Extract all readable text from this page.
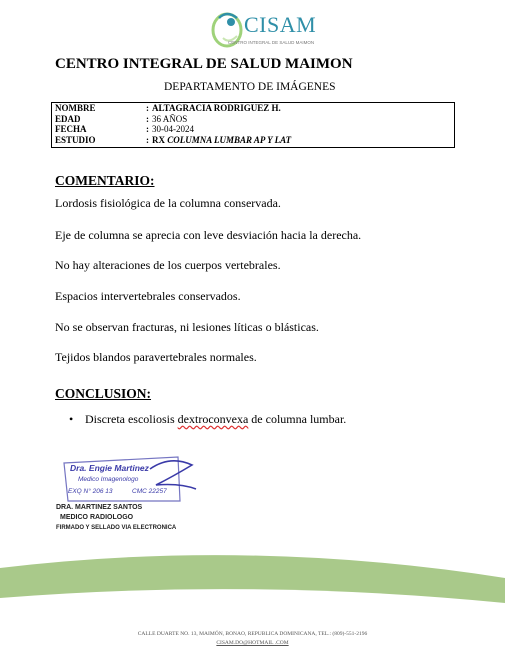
CISAM
CENTRO INTEGRAL DE SALUD MAIMON
CENTRO INTEGRAL DE SALUD MAIMON
DEPARTAMENTO DE IMÁGENES
NOMBRE	: ALTAGRACIA RODRIGUEZ H.
EDAD	: 36 AÑOS
FECHA	: 30-04-2024
ESTUDIO	: RX COLUMNA LUMBAR AP Y LAT
COMENTARIO:
Lordosis fisiológica de la columna conservada.
Eje de columna se aprecia con leve desviación hacia la derecha.
No hay alteraciones de los cuerpos vertebrales.
Espacios intervertebrales conservados.
No se observan fracturas, ni lesiones líticas o blásticas.
Tejidos blandos paravertebrales normales.
CONCLUSION:
• Discreta escoliosis dextroconvexa de columna lumbar.
Dra. Engie Martinez
Medico Imagenologo
EXQ N° 206 13	CMC 22257
DRA. MARTINEZ SANTOS
MEDICO RADIOLOGO
FIRMADO Y SELLADO VIA ELECTRONICA
CALLE DUARTE NO. 13, MAIMÓN, BONAO, REPUBLICA DOMINICANA, TEL.: (809)-551-2196
CISAM.DO@HOTMAIL .COM
